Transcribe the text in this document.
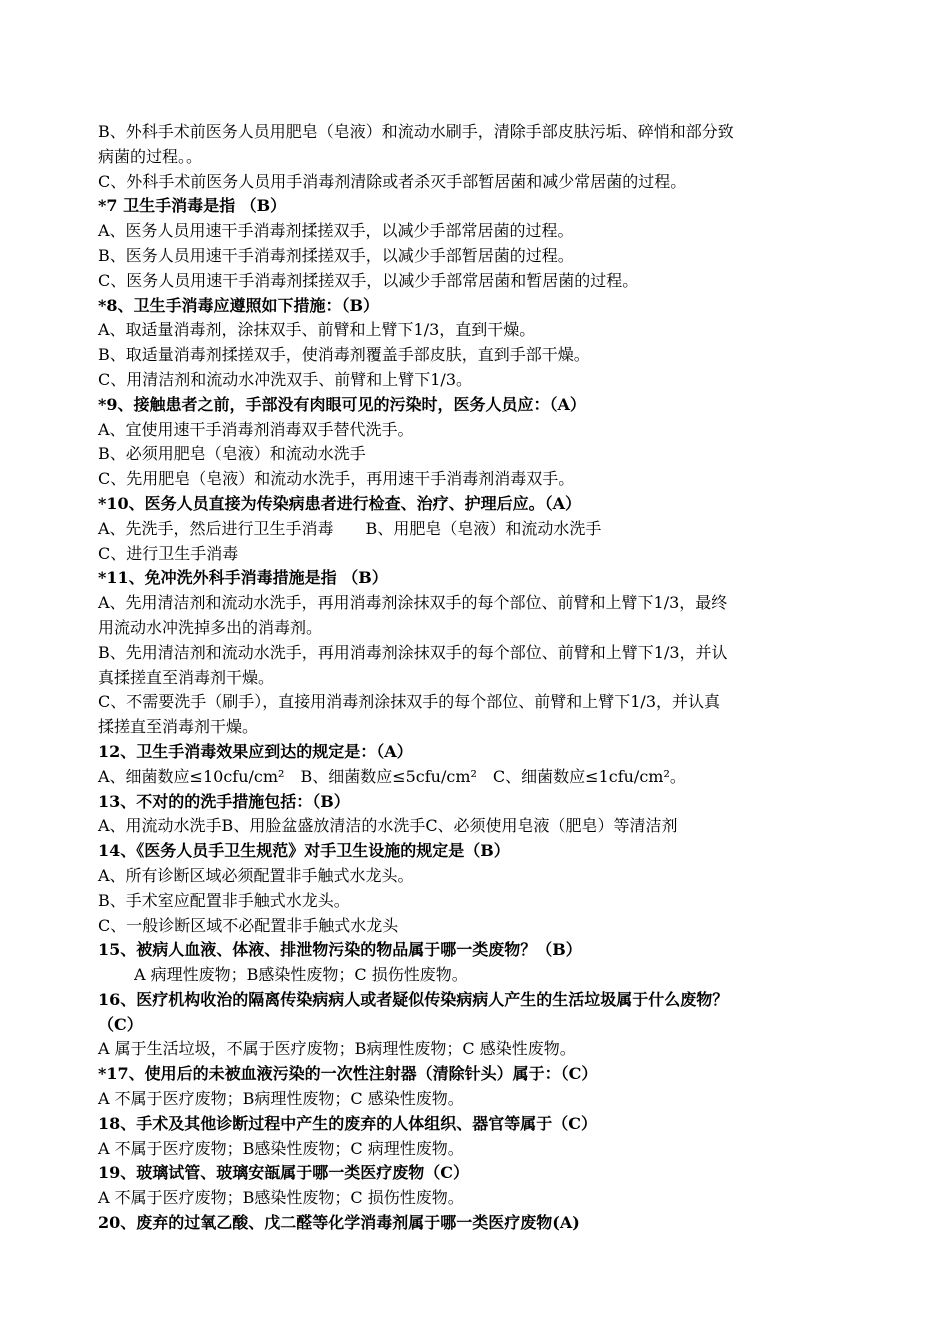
B、外科手术前医务人员用肥皂（皂液）和流动水刷手，清除手部皮肤污垢、碎悄和部分致
病菌的过程。。
C、外科手术前医务人员用手消毒剂清除或者杀灭手部暂居菌和减少常居菌的过程。
*7 卫生手消毒是指 （B）
A、医务人员用速干手消毒剂揉搓双手，以减少手部常居菌的过程。
B、医务人员用速干手消毒剂揉搓双手，以减少手部暂居菌的过程。
C、医务人员用速干手消毒剂揉搓双手，以减少手部常居菌和暂居菌的过程。
*8、卫生手消毒应遵照如下措施：（B）
A、取适量消毒剂，涂抹双手、前臂和上臂下1/3，直到干燥。
B、取适量消毒剂揉搓双手，使消毒剂覆盖手部皮肤，直到手部干燥。
C、用清洁剂和流动水冲洗双手、前臂和上臂下1/3。
*9、接触患者之前，手部没有肉眼可见的污染时，医务人员应：（A）
A、宜使用速干手消毒剂消毒双手替代洗手。
B、必须用肥皂（皂液）和流动水洗手
C、先用肥皂（皂液）和流动水洗手，再用速干手消毒剂消毒双手。
*10、医务人员直接为传染病患者进行检查、治疗、护理后应。（A）
A、先洗手，然后进行卫生手消毒　　B、用肥皂（皂液）和流动水洗手
C、进行卫生手消毒
*11、免冲洗外科手消毒措施是指 （B）
A、先用清洁剂和流动水洗手，再用消毒剂涂抹双手的每个部位、前臂和上臂下1/3，最终
用流动水冲洗掉多出的消毒剂。
B、先用清洁剂和流动水洗手，再用消毒剂涂抹双手的每个部位、前臂和上臂下1/3，并认
真揉搓直至消毒剂干燥。
C、不需要洗手（刷手），直接用消毒剂涂抹双手的每个部位、前臂和上臂下1/3，并认真
揉搓直至消毒剂干燥。
12、卫生手消毒效果应到达的规定是：（A）
A、细菌数应≤10cfu/cm²　B、细菌数应≤5cfu/cm²　C、细菌数应≤1cfu/cm²。
13、不对的的洗手措施包括：（B）
A、用流动水洗手B、用脸盆盛放清洁的水洗手C、必须使用皂液（肥皂）等清洁剂
14、《医务人员手卫生规范》对手卫生设施的规定是（B）
A、所有诊断区域必须配置非手触式水龙头。
B、手术室应配置非手触式水龙头。
C、一般诊断区域不必配置非手触式水龙头
15、被病人血液、体液、排泄物污染的物品属于哪一类废物？（B）
A 病理性废物；B感染性废物；C 损伤性废物。
16、医疗机构收治的隔离传染病病人或者疑似传染病病人产生的生活垃圾属于什么废物？
（C）
A 属于生活垃圾，不属于医疗废物；B病理性废物；C 感染性废物。
*17、使用后的未被血液污染的一次性注射器（清除针头）属于：（C）
A 不属于医疗废物；B病理性废物；C 感染性废物。
18、手术及其他诊断过程中产生的废弃的人体组织、器官等属于（C）
A 不属于医疗废物；B感染性废物；C 病理性废物。
19、玻璃试管、玻璃安瓿属于哪一类医疗废物（C）
A 不属于医疗废物；B感染性废物；C 损伤性废物。
20、废弃的过氧乙酸、戊二醛等化学消毒剂属于哪一类医疗废物(A)
